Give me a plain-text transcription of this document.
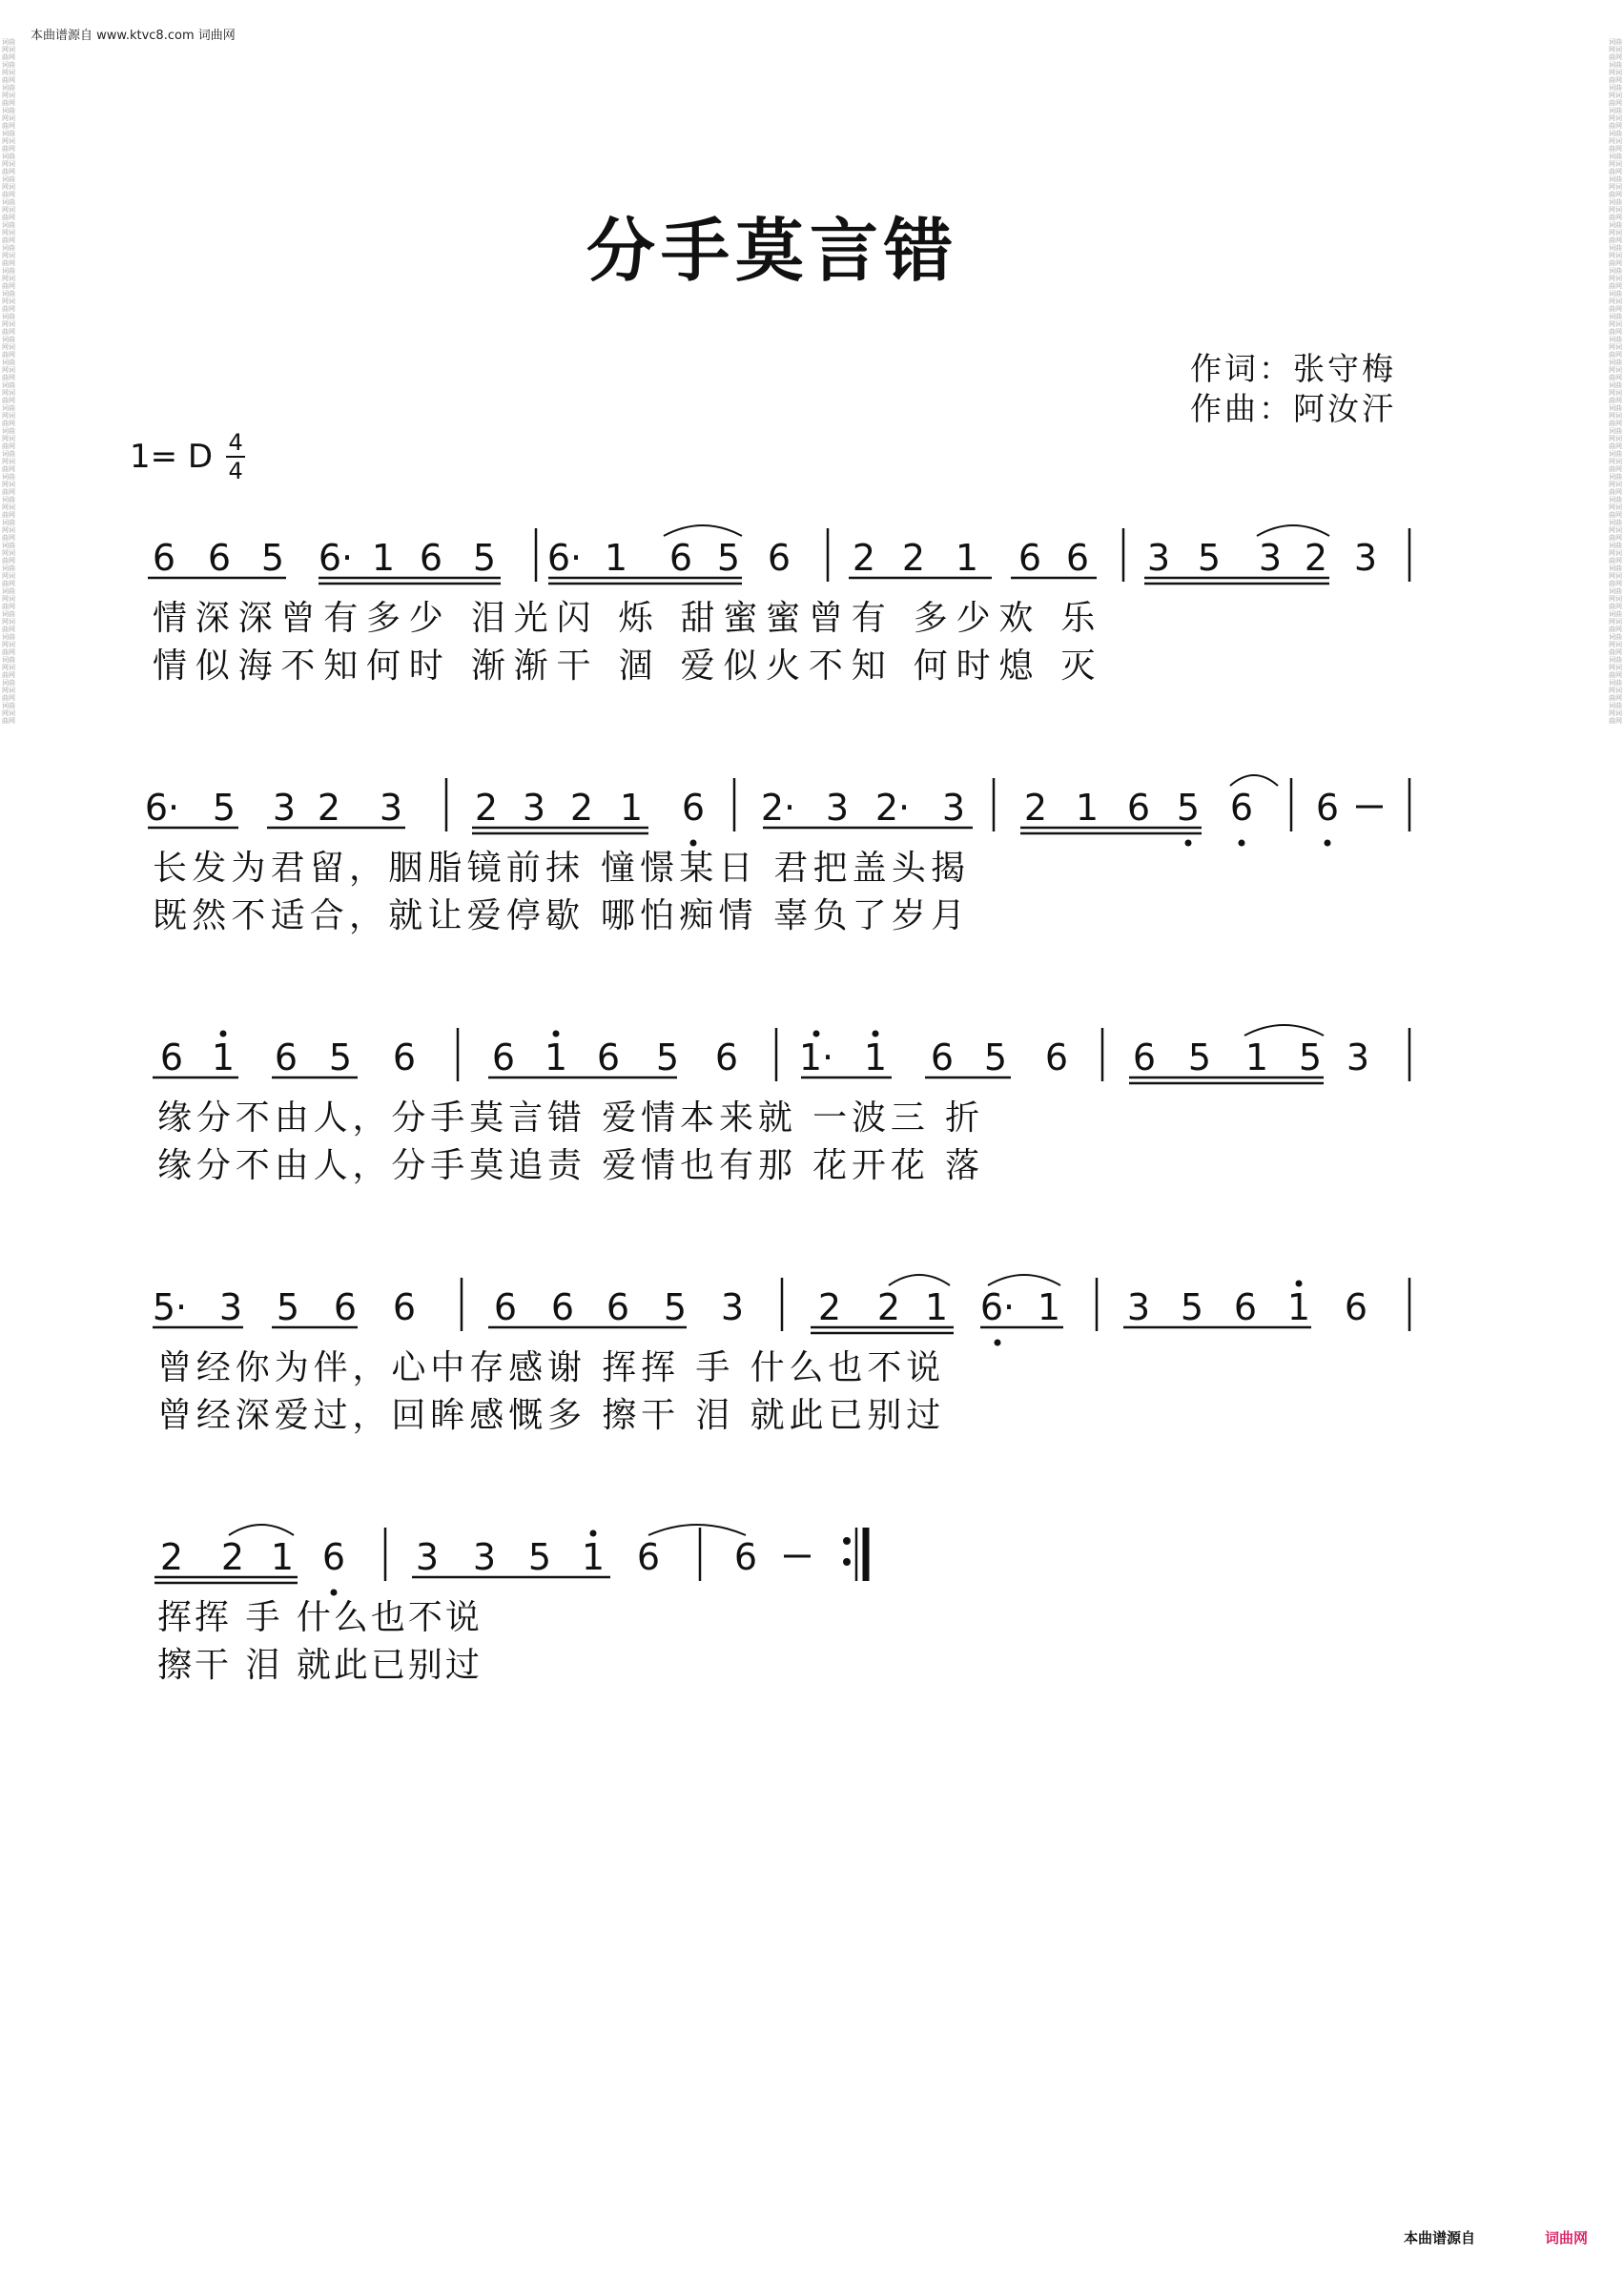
本曲谱源自 www.ktvc8.com 词曲网
词曲网词曲网词曲网词曲网词曲网词曲网词曲网词曲网词曲网词曲网词曲网词曲网词曲网词曲网词曲网词曲网词曲网词曲网词曲网词曲网词曲网词曲网词曲网词曲网词曲网词曲网词曲网词曲网词曲网词曲网词曲网词曲网词曲网词曲网词曲网词曲网词曲网词曲网词曲网词曲网词曲网词曲网词曲网词曲网词曲网词曲网词曲网词曲网词曲网词曲网词曲网词曲网词曲网词曲网词曲网词曲网词曲网词曲网词曲网词曲网
词曲网词曲网词曲网词曲网词曲网词曲网词曲网词曲网词曲网词曲网词曲网词曲网词曲网词曲网词曲网词曲网词曲网词曲网词曲网词曲网词曲网词曲网词曲网词曲网词曲网词曲网词曲网词曲网词曲网词曲网词曲网词曲网词曲网词曲网词曲网词曲网词曲网词曲网词曲网词曲网词曲网词曲网词曲网词曲网词曲网词曲网词曲网词曲网词曲网词曲网词曲网词曲网词曲网词曲网词曲网词曲网词曲网词曲网词曲网词曲网
分手莫言错
作词：张守梅
作曲：阿汝汗
1= D 4
4
6 6 5 6· 1 6 5 6· 1 6 5 6 2 2 1 6 6 3 5 3 2 3
情深深曾有多少 泪光闪 烁 甜蜜蜜曾有 多少欢 乐
情似海不知何时 渐渐干 涸 爱似火不知 何时熄 灭
6· 5 3 2 3 2 3 2 1 6 2· 3 2· 3 2 1 6 5 6 6
长发为君留，胭脂镜前抹 憧憬某日 君把盖头揭
既然不适合，就让爱停歇 哪怕痴情 辜负了岁月
6 1 6 5 6 6 1 6 5 6 1· 1 6 5 6 6 5 1 5 3
缘分不由人，分手莫言错 爱情本来就 一波三 折
缘分不由人，分手莫追责 爱情也有那 花开花 落
5· 3 5 6 6 6 6 6 5 3 2 2 1 6· 1 3 5 6 1 6
曾经你为伴，心中存感谢 挥挥 手 什么也不说
曾经深爱过，回眸感慨多 擦干 泪 就此已别过
2 2 1 6 3 3 5 1 6 6
挥挥 手 什么也不说
擦干 泪 就此已别过
本曲谱源自	词曲网
